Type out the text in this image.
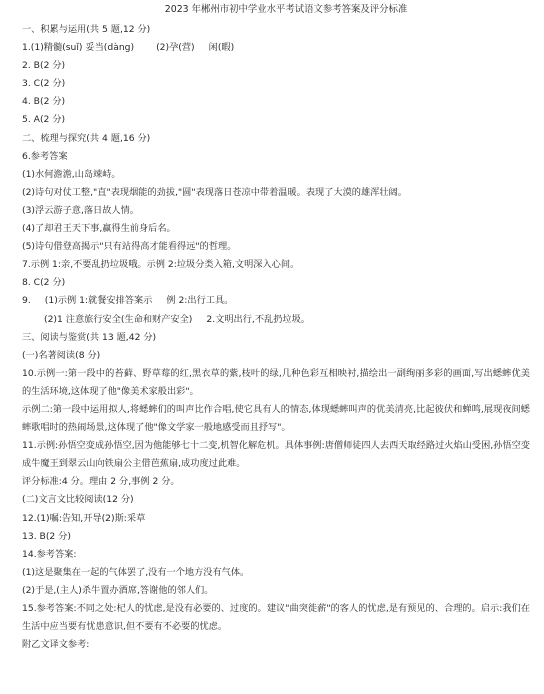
2023 年郴州市初中学业水平考试语文参考答案及评分标准
一、积累与运用(共 5 题,12 分)
1.(1)精髓(suǐ) 妥当(dàng) (2)孕(营) 闲(暇)
2. B(2 分)
3. C(2 分)
4. B(2 分)
5. A(2 分)
二、梳理与探究(共 4 题,16 分)
6.参考答案
(1)水何澹澹,山岛竦峙。
(2)诗句对仗工整,"直"表现烟能的劲拔,"圆"表现落日苍凉中带着温暖。表现了大漠的雄浑壮阔。
(3)浮云游子意,落日故人情。
(4)了却君王天下事,赢得生前身后名。
(5)诗句借登高揭示"只有站得高才能看得远"的哲理。
7.示例 1:亲,不要乱扔垃圾哦。示例 2:垃圾分类入箱,文明深入心间。
8. C(2 分)
9. (1)示例 1:就餐安排答案示 例 2:出行工具。
(2)1 注意旅行安全(生命和财产安全) 2.文明出行,不乱扔垃圾。
三、阅读与鉴赏(共 13 题,42 分)
(一)名著阅读(8 分)
10.示例一:第一段中的苔藓、野草莓的红,黑衣草的紫,枝叶的绿,几种色彩互相映衬,描绘出一副绚丽多彩的画面,写出蟋蟀优美的生活环境,这体现了他"像美术家般出彩"。
示例二:第一段中运用拟人,将蟋蟀们的叫声比作合唱,使它具有人的情态,体现蟋蟀叫声的优美清亮,比起彼伏和蝉鸣,展现夜间蟋蟀歌唱时的热闹场景,这体现了他"像文学家一般地感受而且抒写"。
11.示例:孙悟空变成孙悟空,因为他能够七十二变,机智化解危机。具体事例:唐僧师徒四人去西天取经路过火焰山受困,孙悟空变成牛魔王到翠云山向铁扇公主借芭蕉扇,成功度过此难。
评分标准:4 分。理由 2 分,事例 2 分。
(二)文言文比较阅读(12 分)
12.(1)嘱:告知,开导(2)斯:采草
13. B(2 分)
14.参考答案:
(1)这是聚集在一起的气体罢了,没有一个地方没有气体。
(2)于是,(主人)杀牛置办酒席,答谢他的邻人们。
15.参考答案:不同之处:杞人的忧虑,是没有必要的、过度的。建议"曲突徙薪"的客人的忧虑,是有预见的、合理的。启示:我们在生活中应当要有忧患意识,但不要有不必要的忧虑。
附乙文译文参考:
